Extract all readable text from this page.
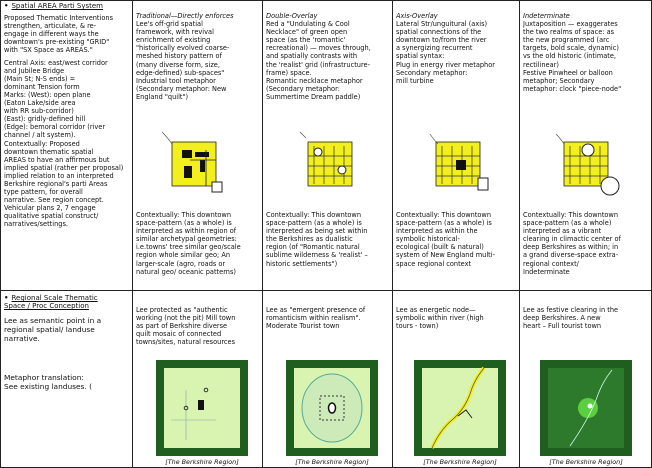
• Spatial AREA Parti System

Proposed Thematic Interventions
strengthen, articulate, & re-
engage in different ways the
downtown's pre-existing "GRID"
with "SX Space as AREAS."

Central Axis: east/west corridor
and Jubilee Bridge
(Main St; N-S ends) =
dominant Tension form
Marks: (West): open plane
(Eaton Lake/side area
with RR sub-corridor)
(East): gridly-defined hill
(Edge): bemoral corridor (river
channel / alt system).
Contextually: Proposed
downtown thematic spatial
AREAS to have an affirmous but
implied spatial (rather per proposal)
implied relation to an interpreted
Berkshire regional's parti Areas
type pattern, for overall
narrative. See region concept.
Vehicular plans 2, 7 engage
qualitative spatial construct/
narratives/settings.

Traditional—Directly enforces

Lee's off-grid spatial
framework, with revival
enrichment of existing
"historically evolved coarse-
meshed history pattern of
(many diverse form, size,
edge-defined) sub-spaces"
Industrial tool metaphor
(Secondary metaphor: New
England "quilt")

Contextually: This downtown
space-pattern (as a whole) is
interpreted as within region of
similar archetypal geometries:
i.e.towns' tree similar geo/scale
region whole similar geo; An
larger-scale (agro, roads or
natural geo/ oceanic patterns)

Double-Overlay

Red a "Undulating & Cool
Necklace" of green open
space (as the 'romantic'
recreational) — moves through,
and spatially contrasts with
the 'realist' grid (infrastructure-
frame) space.
Romantic necklace metaphor
(Secondary metaphor:
Summertime Dream paddle)

Contextually: This downtown
space-pattern (as a whole) is
interpreted as being set within
the Berkshires as dualistic
region (of "Romantic natural
sublime wilderness & 'realist' –
historic settlements")

Axis-Overlay

Lateral Str/unguitural (axis)
spatial connections of the
downtown to/from the river
a synergizing recurrent
spatial syntax:
Plug in energy river metaphor
Secondary metaphor:
mill turbine

Contextually: This downtown
space-pattern (as a whole) is
interpreted as within the
symbolic historical-
ecological (built & natural)
system of New England multi-
space regional context

Indeterminate

Juxtaposition — exaggerates
the two realms of space: as
the new programmed (arc
targets, bold scale, dynamic)
vs the old historic (intimate,
rectilinear)
Festive Pinwheel or balloon
metaphor; Secondary
metaphor: clock "piece-node"

Contextually: This downtown
space-pattern (as a whole)
interpreted as a vibrant
clearing in climactic center of
deep Berkshires as within; in
a grand diverse-space extra-
regional context/
Indeterminate

• Regional Scale Thematic
Space / Proc Conception

Lee as semantic point in a
regional spatial/ landuse
narrative.

Metaphor translation:
See existing landuses. (

Lee protected as "authentic
working (not the pit) Mill town
as part of Berkshire diverse
quilt mosaic of connected
towns/sites, natural resources

Lee as "emergent presence of
romanticism within realism".
Moderate Tourist town

Lee as energetic node—
symbolic within river (high
tours - town)

Lee as festive clearing in the
deep Berkshires. A new
heart – Full tourist town

[The Berkshire Region]	[The Berkshire Region]	[The Berkshire Region]	[The Berkshire Region]
